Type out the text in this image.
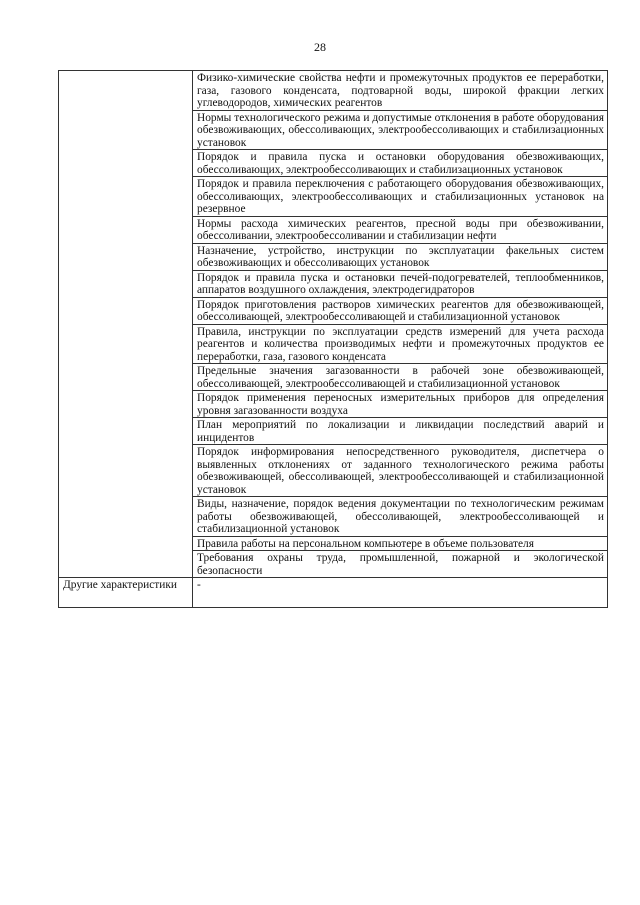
28
	Физико-химические свойства нефти и промежуточных продуктов ее переработки, газа, газового конденсата, подтоварной воды, широкой фракции легких углеводородов, химических реагентов
	Нормы технологического режима и допустимые отклонения в работе оборудования обезвоживающих, обессоливающих, электрообессоливающих и стабилизационных установок
	Порядок и правила пуска и остановки оборудования обезвоживающих, обессоливающих, электрообессоливающих и стабилизационных установок
	Порядок и правила переключения с работающего оборудования обезвоживающих, обессоливающих, электрообессоливающих и стабилизационных установок на резервное
	Нормы расхода химических реагентов, пресной воды при обезвоживании, обессоливании, электрообессоливании и стабилизации нефти
	Назначение, устройство, инструкции по эксплуатации факельных систем обезвоживающих и обессоливающих установок
	Порядок и правила пуска и остановки печей-подогревателей, теплообменников, аппаратов воздушного охлаждения, электродегидраторов
	Порядок приготовления растворов химических реагентов для обезвоживающей, обессоливающей, электрообессоливающей и стабилизационной установок
	Правила, инструкции по эксплуатации средств измерений для учета расхода реагентов и количества производимых нефти и промежуточных продуктов ее переработки, газа, газового конденсата
	Предельные значения загазованности в рабочей зоне обезвоживающей, обессоливающей, электрообессоливающей и стабилизационной установок
	Порядок применения переносных измерительных приборов для определения уровня загазованности воздуха
	План мероприятий по локализации и ликвидации последствий аварий и инцидентов
	Порядок информирования непосредственного руководителя, диспетчера о выявленных отклонениях от заданного технологического режима работы обезвоживающей, обессоливающей, электрообессоливающей и стабилизационной установок
	Виды, назначение, порядок ведения документации по технологическим режимам работы обезвоживающей, обессоливающей, электрообессоливающей и стабилизационной установок
	Правила работы на персональном компьютере в объеме пользователя
	Требования охраны труда, промышленной, пожарной и экологической безопасности
Другие характеристики	-
